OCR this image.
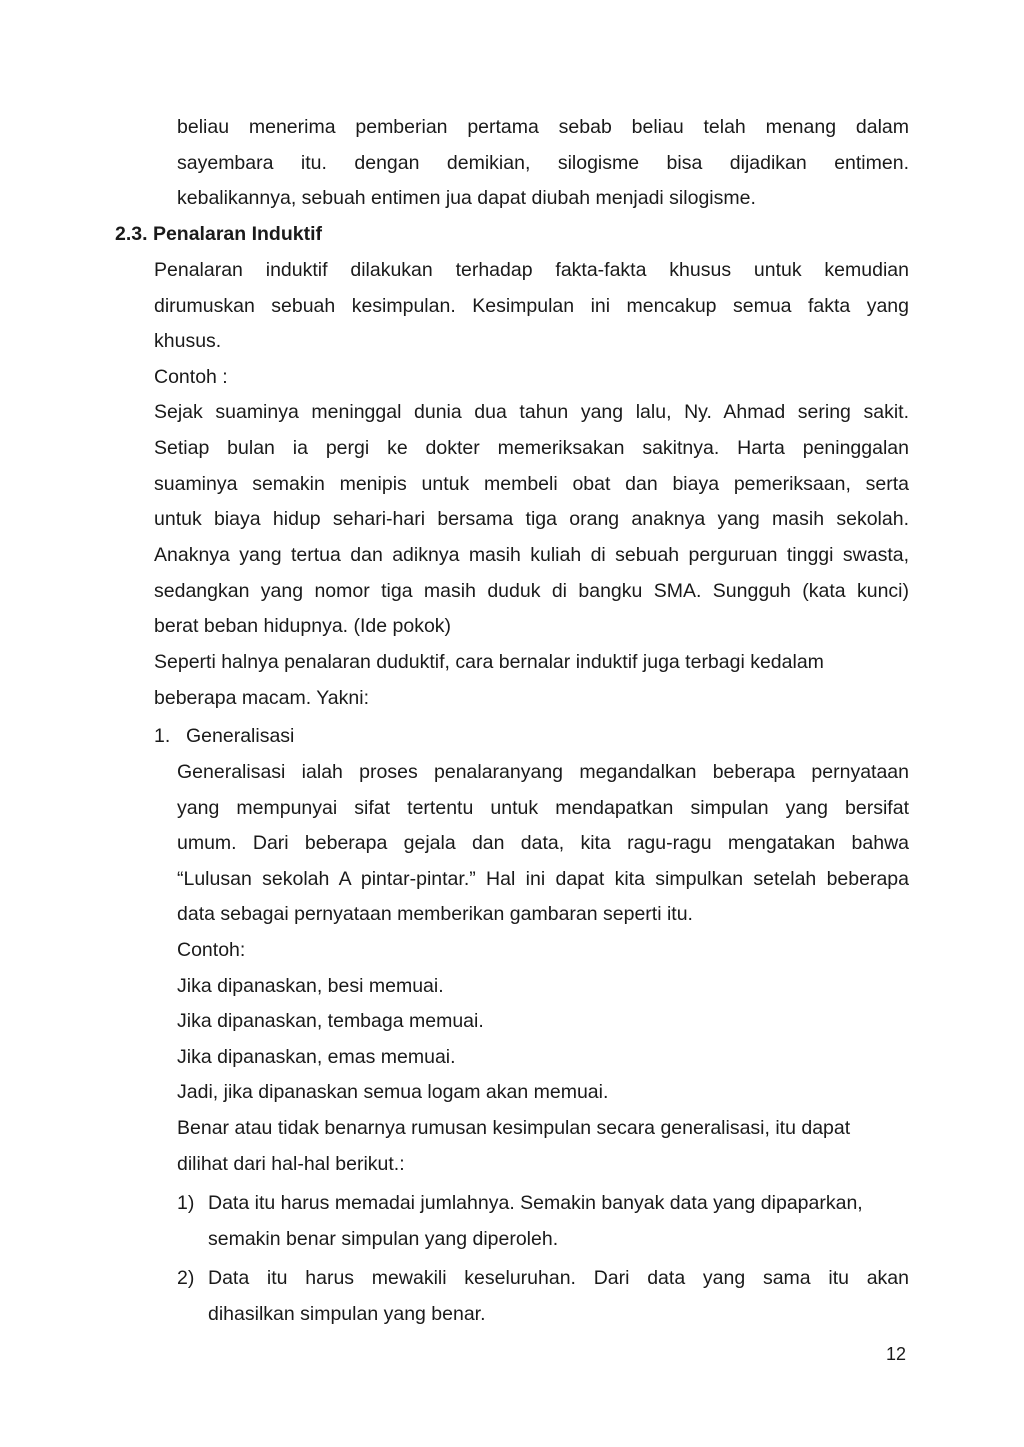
beliau menerima pemberian pertama sebab beliau telah menang dalam
sayembara itu. dengan demikian, silogisme bisa dijadikan entimen.
kebalikannya, sebuah entimen jua dapat diubah menjadi silogisme.
2.3. Penalaran Induktif
Penalaran induktif dilakukan terhadap fakta-fakta khusus untuk kemudian
dirumuskan sebuah kesimpulan. Kesimpulan ini mencakup semua fakta yang
khusus.
Contoh :
Sejak suaminya meninggal dunia dua tahun yang lalu, Ny. Ahmad sering sakit.
Setiap bulan ia pergi ke dokter memeriksakan sakitnya. Harta peninggalan
suaminya semakin menipis untuk membeli obat dan biaya pemeriksaan, serta
untuk biaya hidup sehari-hari bersama tiga orang anaknya yang masih sekolah.
Anaknya yang tertua dan adiknya masih kuliah di sebuah perguruan tinggi swasta,
sedangkan yang nomor tiga masih duduk di bangku SMA. Sungguh (kata kunci)
berat beban hidupnya. (Ide pokok)
Seperti halnya penalaran duduktif, cara bernalar induktif juga terbagi kedalam
beberapa macam. Yakni:
1. Generalisasi
Generalisasi ialah proses penalaranyang megandalkan beberapa pernyataan
yang mempunyai sifat tertentu untuk mendapatkan simpulan yang bersifat
umum. Dari beberapa gejala dan data, kita ragu-ragu mengatakan bahwa
“Lulusan sekolah A pintar-pintar.” Hal ini dapat kita simpulkan setelah beberapa
data sebagai pernyataan memberikan gambaran seperti itu.
Contoh:
Jika dipanaskan, besi memuai.
Jika dipanaskan, tembaga memuai.
Jika dipanaskan, emas memuai.
Jadi, jika dipanaskan semua logam akan memuai.
Benar atau tidak benarnya rumusan kesimpulan secara generalisasi, itu dapat
dilihat dari hal-hal berikut.:
1) Data itu harus memadai jumlahnya. Semakin banyak data yang dipaparkan,
semakin benar simpulan yang diperoleh.
2) Data itu harus mewakili keseluruhan. Dari data yang sama itu akan
dihasilkan simpulan yang benar.
12
